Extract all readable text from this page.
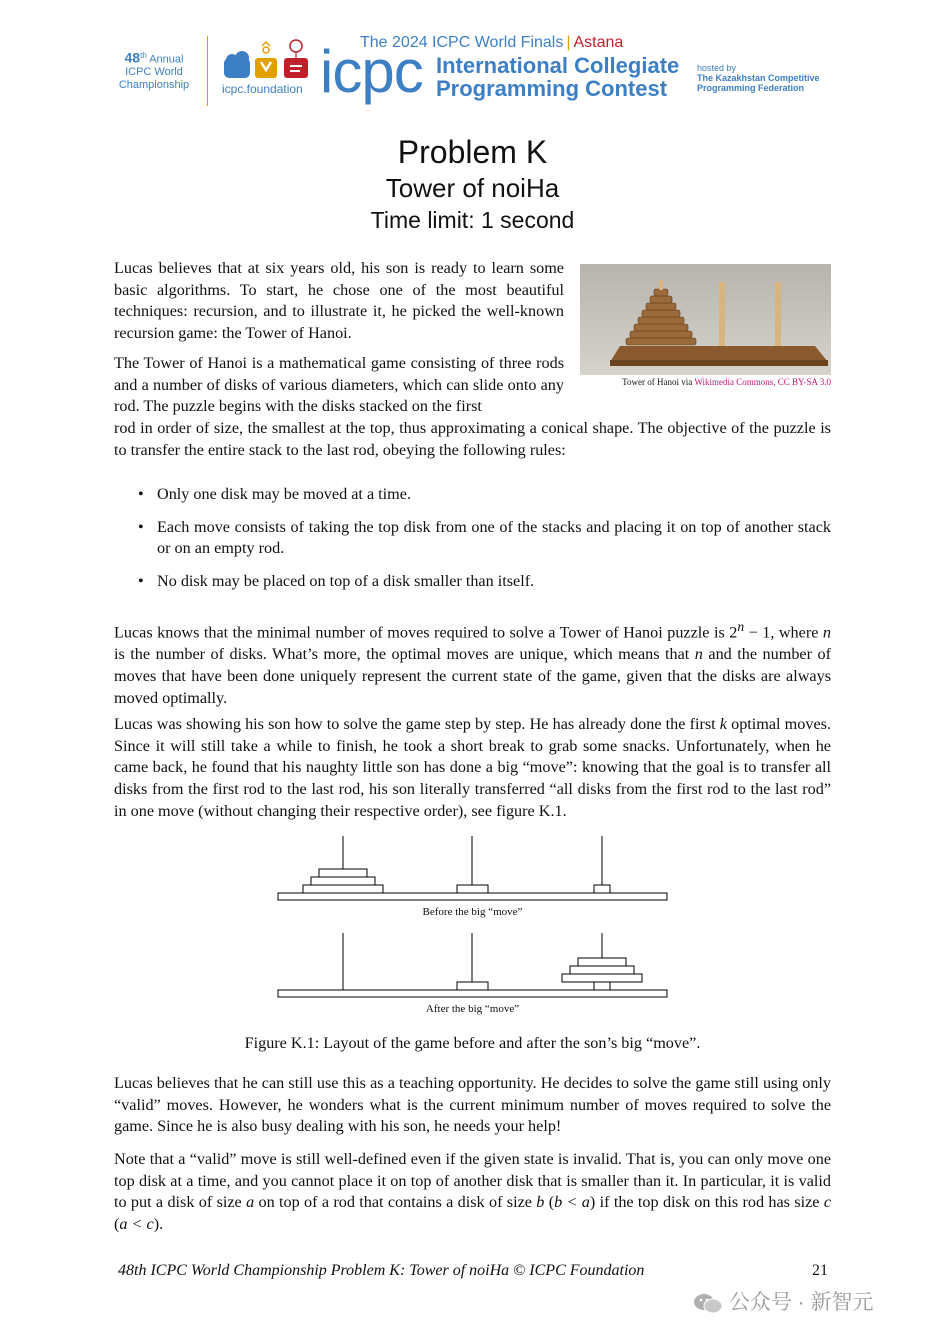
48th Annual
ICPC World
Championship	icpc.foundation icpc
The 2024 ICPC World Finals | Astana
International Collegiate
Programming Contest
hosted by
The Kazakhstan Competitive
Programming Federation
Problem K
Tower of noiHa
Time limit: 1 second
Tower of Hanoi via Wikimedia Commons, CC BY-SA 3.0
Lucas believes that at six years old, his son is ready to learn some basic algorithms. To start, he chose one of the most beautiful techniques: recursion, and to illustrate it, he picked the well-known recursion game: the Tower of Hanoi.
The Tower of Hanoi is a mathematical game consisting of three rods and a number of disks of various diameters, which can slide onto any rod. The puzzle begins with the disks stacked on the first
rod in order of size, the smallest at the top, thus approximating a conical shape. The objective of the puzzle is to transfer the entire stack to the last rod, obeying the following rules:
• Only one disk may be moved at a time.
• Each move consists of taking the top disk from one of the stacks and placing it on top of another stack or on an empty rod.
• No disk may be placed on top of a disk smaller than itself.
Lucas knows that the minimal number of moves required to solve a Tower of Hanoi puzzle is $2^n - 1$, where n is the number of disks. What’s more, the optimal moves are unique, which means that n and the number of moves that have been done uniquely represent the current state of the game, given that the disks are always moved optimally.
Lucas was showing his son how to solve the game step by step. He has already done the first k optimal moves. Since it will still take a while to finish, he took a short break to grab some snacks. Unfortunately, when he came back, he found that his naughty little son has done a big “move”: knowing that the goal is to transfer all disks from the first rod to the last rod, his son literally transferred “all disks from the first rod to the last rod” in one move (without changing their respective order), see figure K.1.
Before the big “move”
After the big “move”
Figure K.1: Layout of the game before and after the son’s big “move”.
Lucas believes that he can still use this as a teaching opportunity. He decides to solve the game still using only “valid” moves. However, he wonders what is the current minimum number of moves required to solve the game. Since he is also busy dealing with his son, he needs your help!
Note that a “valid” move is still well-defined even if the given state is invalid. That is, you can only move one top disk at a time, and you cannot place it on top of another disk that is smaller than it. In particular, it is valid to put a disk of size a on top of a rod that contains a disk of size b (b < a) if the top disk on this rod has size c (a < c).
48th ICPC World Championship Problem K: Tower of noiHa © ICPC Foundation	21
公众号 · 新智元
